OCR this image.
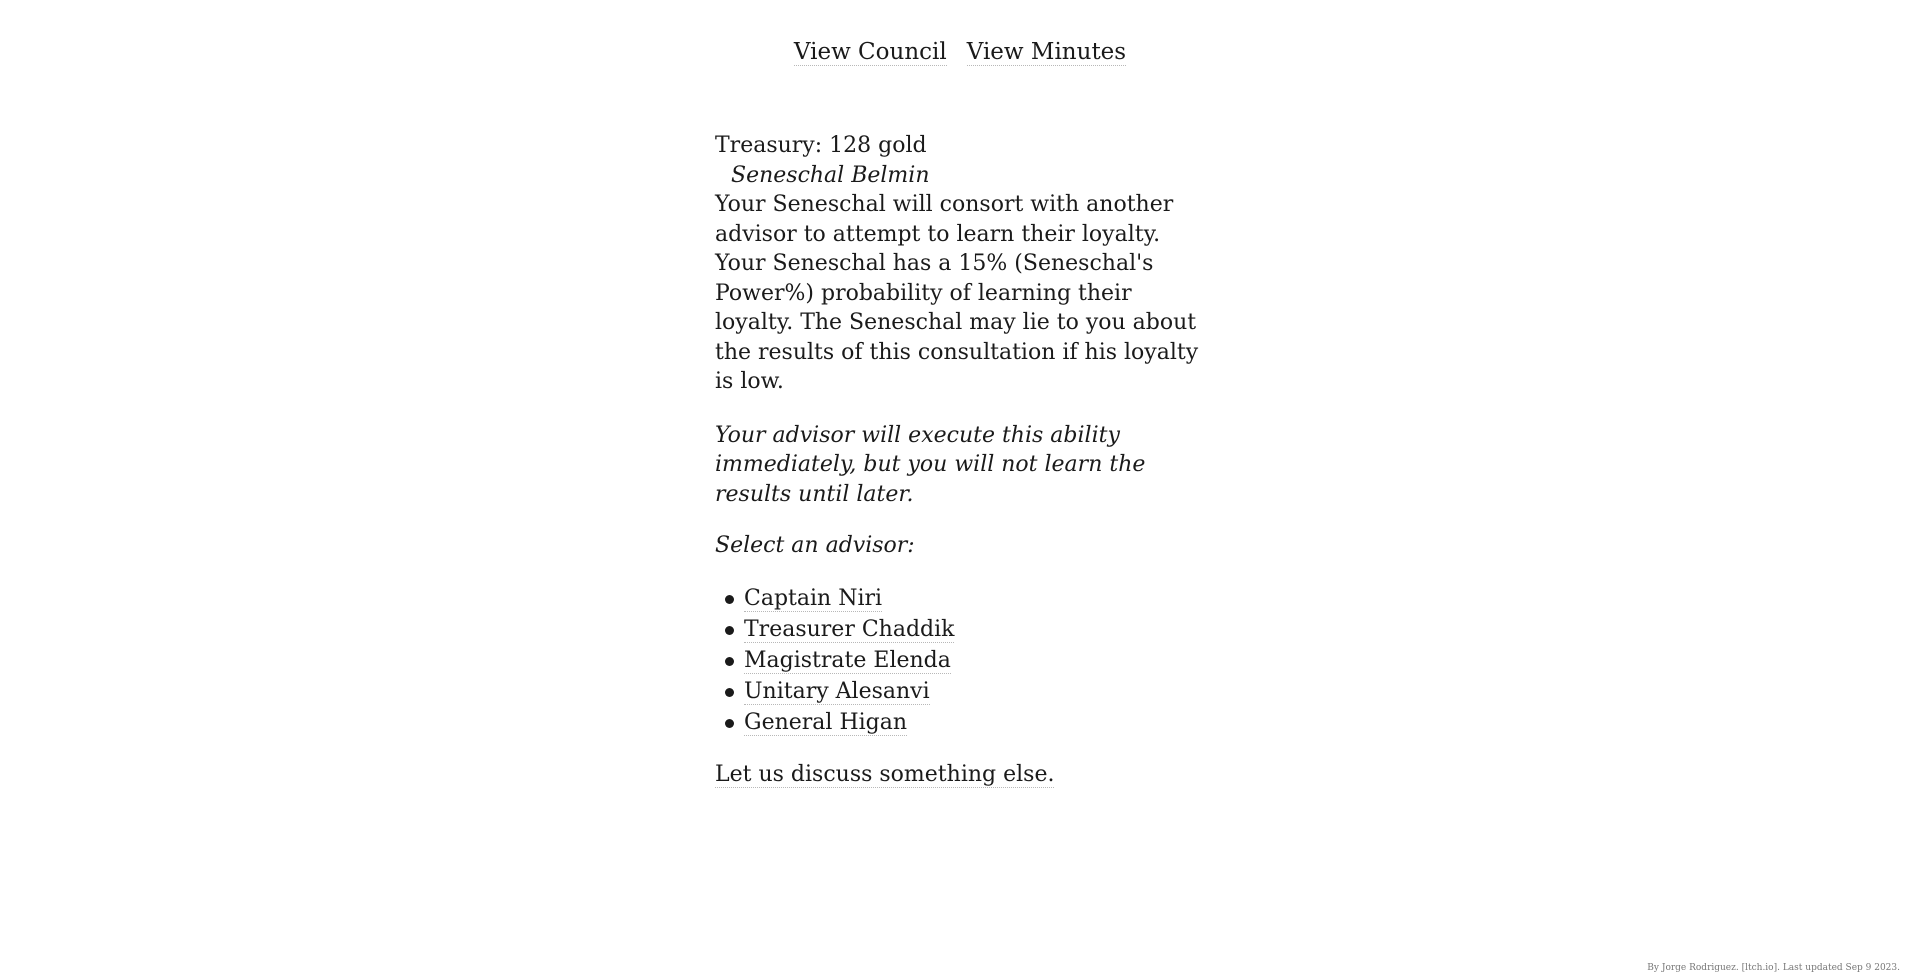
View Council View Minutes

Treasury: 128 gold

Seneschal Belmin

Your Seneschal will consort with another advisor to attempt to learn their loyalty. Your Seneschal has a 15% (Seneschal's Power%) probability of learning their loyalty. The Seneschal may lie to you about the results of this consultation if his loyalty is low.

Your advisor will execute this ability immediately, but you will not learn the results until later.

Select an advisor:

Captain Niri
Treasurer Chaddik
Magistrate Elenda
Unitary Alesanvi
General Higan

Let us discuss something else.

By Jorge Rodriguez. [ltch.io]. Last updated Sep 9 2023.
